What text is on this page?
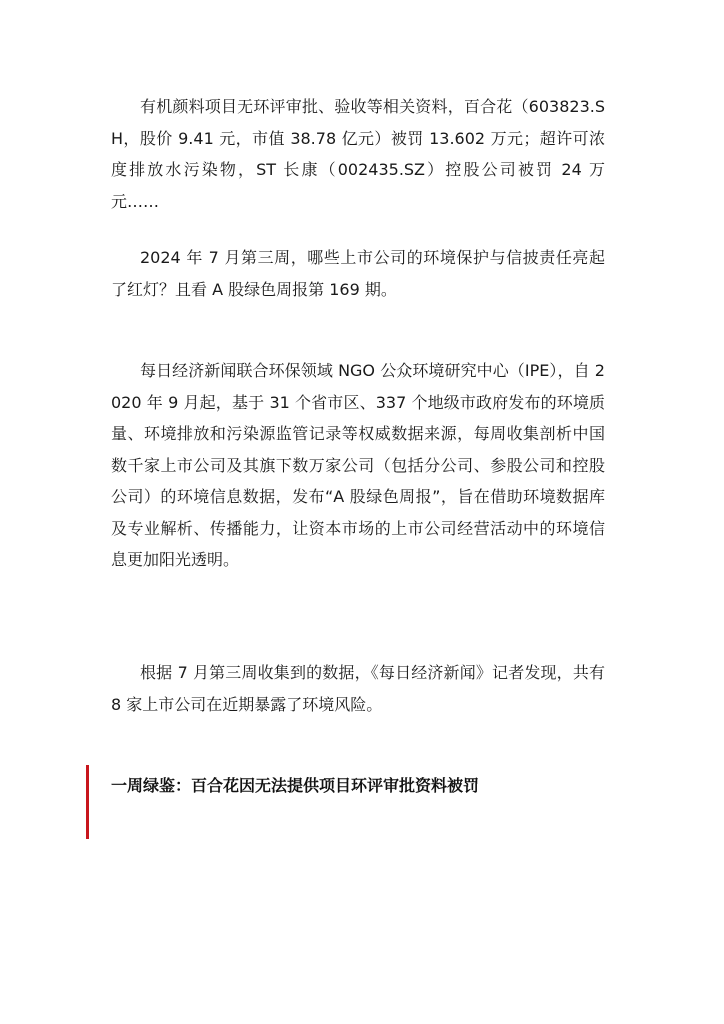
有机颜料项目无环评审批、验收等相关资料，百合花（603823.SH，股价 9.41 元，市值 38.78 亿元）被罚 13.602 万元；超许可浓度排放水污染物，ST 长康（002435.SZ）控股公司被罚 24 万元……

2024 年 7 月第三周，哪些上市公司的环境保护与信披责任亮起了红灯？且看 A 股绿色周报第 169 期。

每日经济新闻联合环保领域 NGO 公众环境研究中心（IPE），自 2020 年 9 月起，基于 31 个省市区、337 个地级市政府发布的环境质量、环境排放和污染源监管记录等权威数据来源，每周收集剖析中国数千家上市公司及其旗下数万家公司（包括分公司、参股公司和控股公司）的环境信息数据，发布“A 股绿色周报”，旨在借助环境数据库及专业解析、传播能力，让资本市场的上市公司经营活动中的环境信息更加阳光透明。

根据 7 月第三周收集到的数据，《每日经济新闻》记者发现，共有 8 家上市公司在近期暴露了环境风险。

一周绿鉴：百合花因无法提供项目环评审批资料被罚
